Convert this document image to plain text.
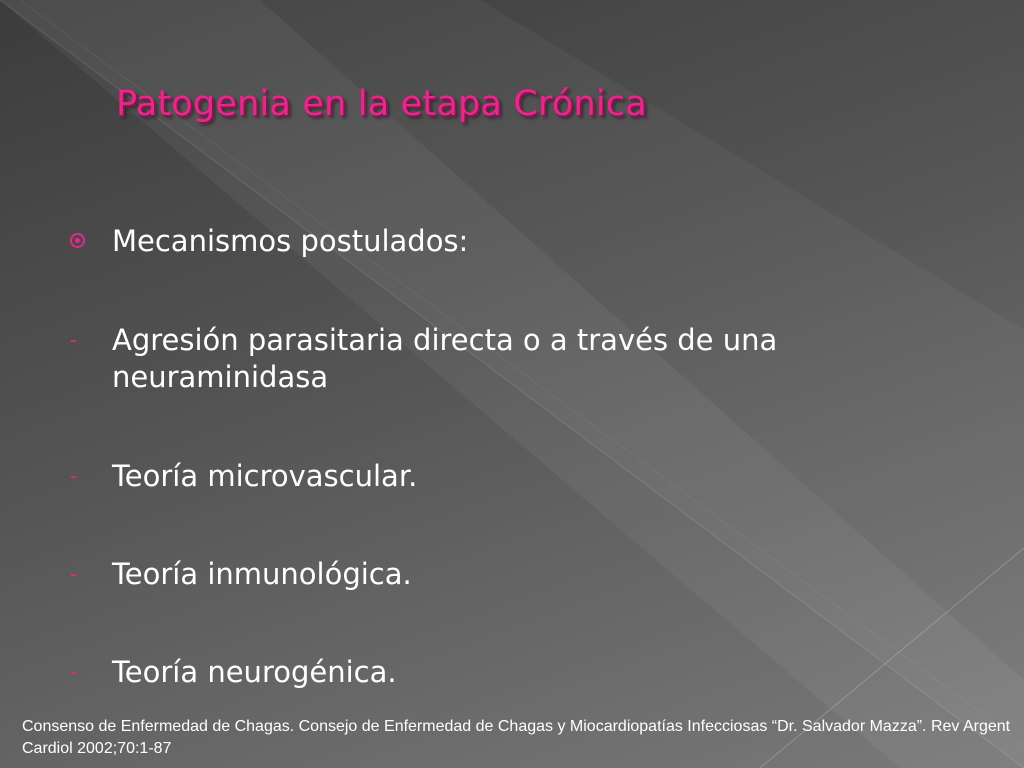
Patogenia en la etapa Crónica
Mecanismos postulados:
- Agresión parasitaria directa o a través de una neuraminidasa
- Teoría microvascular.
- Teoría inmunológica.
- Teoría neurogénica.
Consenso de Enfermedad de Chagas. Consejo de Enfermedad de Chagas y Miocardiopatías Infecciosas “Dr. Salvador Mazza”. Rev Argent Cardiol 2002;70:1-87
